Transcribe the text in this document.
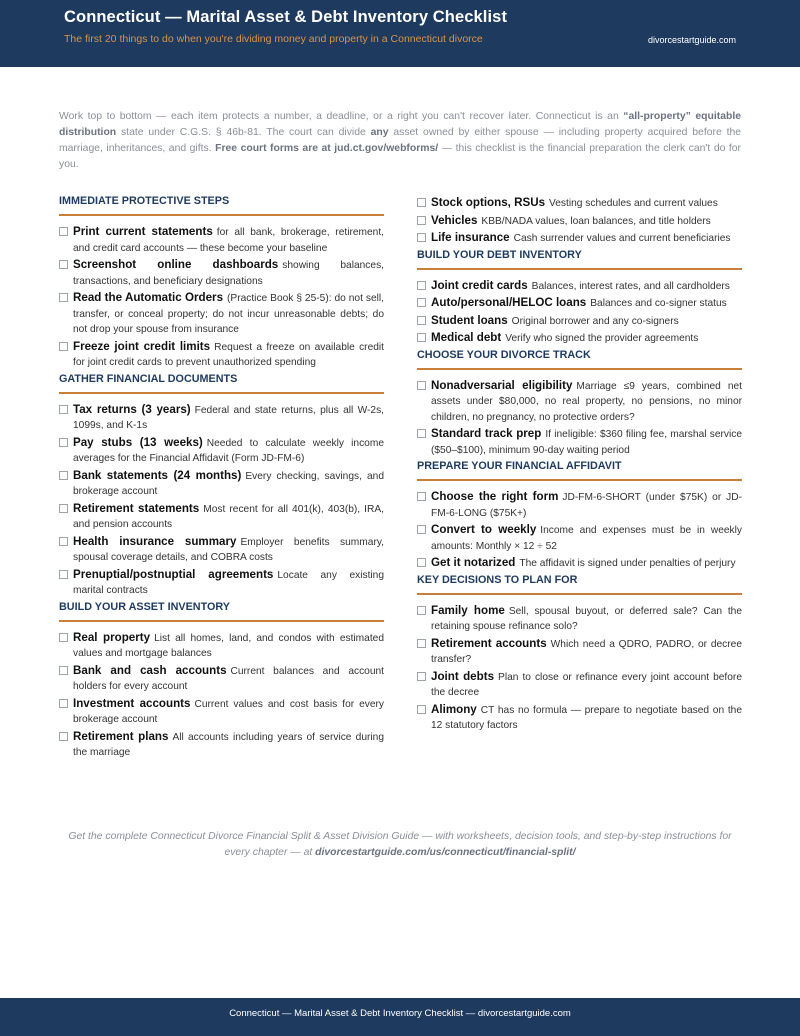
Connecticut — Marital Asset & Debt Inventory Checklist
The first 20 things to do when you're dividing money and property in a Connecticut divorce	divorcestartguide.com
Work top to bottom — each item protects a number, a deadline, or a right you can't recover later. Connecticut is an “all-property” equitable distribution state under C.G.S. § 46b-81. The court can divide any asset owned by either spouse — including property acquired before the marriage, inheritances, and gifts. Free court forms are at jud.ct.gov/webforms/ — this checklist is the financial preparation the clerk can't do for you.
IMMEDIATE PROTECTIVE STEPS
Print current statements for all bank, brokerage, retirement, and credit card accounts — these become your baseline
Screenshot online dashboards showing balances, transactions, and beneficiary designations
Read the Automatic Orders (Practice Book § 25-5): do not sell, transfer, or conceal property; do not incur unreasonable debts; do not drop your spouse from insurance
Freeze joint credit limits Request a freeze on available credit for joint credit cards to prevent unauthorized spending
GATHER FINANCIAL DOCUMENTS
Tax returns (3 years) Federal and state returns, plus all W-2s, 1099s, and K-1s
Pay stubs (13 weeks) Needed to calculate weekly income averages for the Financial Affidavit (Form JD-FM-6)
Bank statements (24 months) Every checking, savings, and brokerage account
Retirement statements Most recent for all 401(k), 403(b), IRA, and pension accounts
Health insurance summary Employer benefits summary, spousal coverage details, and COBRA costs
Prenuptial/postnuptial agreements Locate any existing marital contracts
BUILD YOUR ASSET INVENTORY
Real property List all homes, land, and condos with estimated values and mortgage balances
Bank and cash accounts Current balances and account holders for every account
Investment accounts Current values and cost basis for every brokerage account
Retirement plans All accounts including years of service during the marriage
Stock options, RSUs Vesting schedules and current values
Vehicles KBB/NADA values, loan balances, and title holders
Life insurance Cash surrender values and current beneficiaries
BUILD YOUR DEBT INVENTORY
Joint credit cards Balances, interest rates, and all cardholders
Auto/personal/HELOC loans Balances and co-signer status
Student loans Original borrower and any co-signers
Medical debt Verify who signed the provider agreements
CHOOSE YOUR DIVORCE TRACK
Nonadversarial eligibility Marriage ≤9 years, combined net assets under $80,000, no real property, no pensions, no minor children, no pregnancy, no protective orders?
Standard track prep If ineligible: $360 filing fee, marshal service ($50–$100), minimum 90-day waiting period
PREPARE YOUR FINANCIAL AFFIDAVIT
Choose the right form JD-FM-6-SHORT (under $75K) or JD-FM-6-LONG ($75K+)
Convert to weekly Income and expenses must be in weekly amounts: Monthly × 12 ÷ 52
Get it notarized The affidavit is signed under penalties of perjury
KEY DECISIONS TO PLAN FOR
Family home Sell, spousal buyout, or deferred sale? Can the retaining spouse refinance solo?
Retirement accounts Which need a QDRO, PADRO, or decree transfer?
Joint debts Plan to close or refinance every joint account before the decree
Alimony CT has no formula — prepare to negotiate based on the 12 statutory factors
Get the complete Connecticut Divorce Financial Split & Asset Division Guide — with worksheets, decision tools, and step-by-step instructions for every chapter — at divorcestartguide.com/us/connecticut/financial-split/
Connecticut — Marital Asset & Debt Inventory Checklist — divorcestartguide.com
